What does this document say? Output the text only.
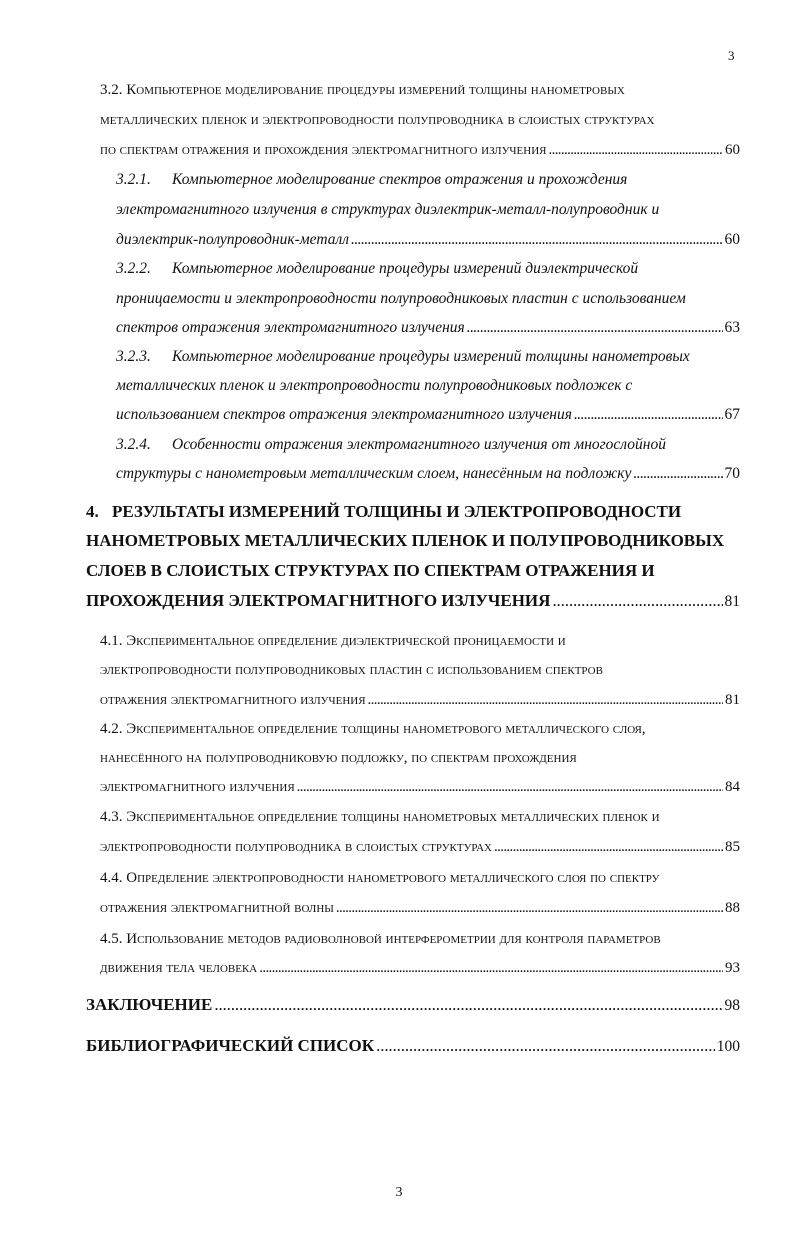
3
3.2. Компьютерное моделирование процедуры измерений толщины нанометровых
металлических пленок и электропроводности полупроводника в слоистых структурах
по спектрам отражения и прохождения электромагнитного излучения . . .	60
3.2.1. Компьютерное моделирование спектров отражения и прохождения
электромагнитного излучения в структурах диэлектрик-металл-полупроводник и
диэлектрик-полупроводник-металл . . .	60
3.2.2. Компьютерное моделирование процедуры измерений диэлектрической
проницаемости и электропроводности полупроводниковых пластин с использованием
спектров отражения электромагнитного излучения . . .	63
3.2.3. Компьютерное моделирование процедуры измерений толщины нанометровых
металлических пленок и электропроводности полупроводниковых подложек с
использованием спектров отражения электромагнитного излучения . . .	67
3.2.4. Особенности отражения электромагнитного излучения от многослойной
структуры с нанометровым металлическим слоем, нанесённым на подложку . . .	70
4. РЕЗУЛЬТАТЫ ИЗМЕРЕНИЙ ТОЛЩИНЫ И ЭЛЕКТРОПРОВОДНОСТИ
НАНОМЕТРОВЫХ МЕТАЛЛИЧЕСКИХ ПЛЕНОК И ПОЛУПРОВОДНИКОВЫХ
СЛОЕВ В СЛОИСТЫХ СТРУКТУРАХ ПО СПЕКТРАМ ОТРАЖЕНИЯ И
ПРОХОЖДЕНИЯ ЭЛЕКТРОМАГНИТНОГО ИЗЛУЧЕНИЯ . . .	81
4.1. Экспериментальное определение диэлектрической проницаемости и
электропроводности полупроводниковых пластин с использованием спектров
отражения электромагнитного излучения . . .	81
4.2. Экспериментальное определение толщины нанометрового металлического слоя,
нанесённого на полупроводниковую подложку, по спектрам прохождения
электромагнитного излучения . . .	84
4.3. Экспериментальное определение толщины нанометровых металлических пленок и
электропроводности полупроводника в слоистых структурах . . .	85
4.4. Определение электропроводности нанометрового металлического слоя по спектру
отражения электромагнитной волны . . .	88
4.5. Использование методов радиоволновой интерферометрии для контроля параметров
движения тела человека . . .	93
ЗАКЛЮЧЕНИЕ . . .	98
БИБЛИОГРАФИЧЕСКИЙ СПИСОК . . .	100
3
